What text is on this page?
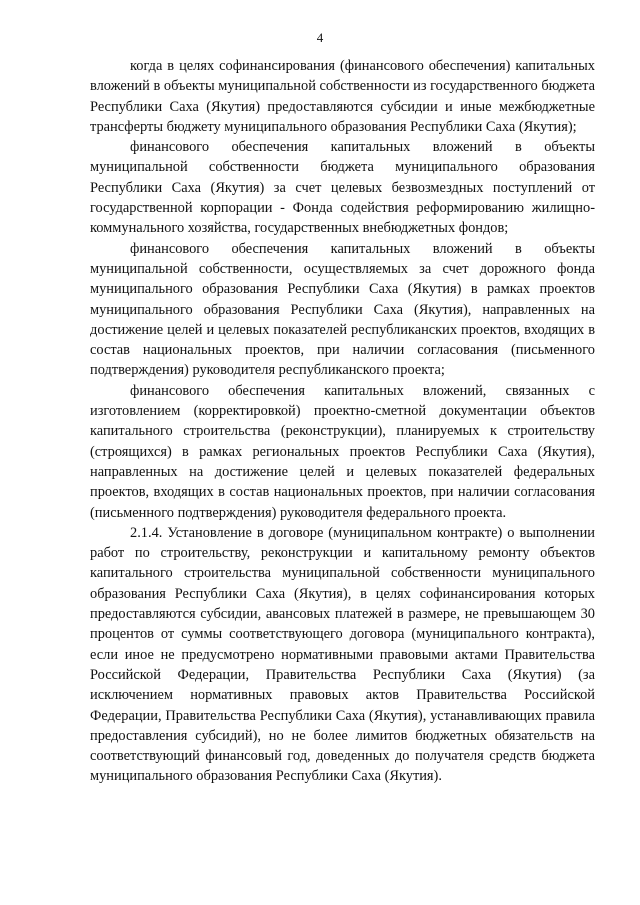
4

когда в целях софинансирования (финансового обеспечения) капитальных вложений в объекты муниципальной собственности из государственного бюджета Республики Саха (Якутия) предоставляются субсидии и иные межбюджетные трансферты бюджету муниципального образования Республики Саха (Якутия);

финансового обеспечения капитальных вложений в объекты муниципальной собственности бюджета муниципального образования Республики Саха (Якутия) за счет целевых безвозмездных поступлений от государственной корпорации - Фонда содействия реформированию жилищно-коммунального хозяйства, государственных внебюджетных фондов;

финансового обеспечения капитальных вложений в объекты муниципальной собственности, осуществляемых за счет дорожного фонда муниципального образования Республики Саха (Якутия) в рамках проектов муниципального образования Республики Саха (Якутия), направленных на достижение целей и целевых показателей республиканских проектов, входящих в состав национальных проектов, при наличии согласования (письменного подтверждения) руководителя республиканского проекта;

финансового обеспечения капитальных вложений, связанных с изготовлением (корректировкой) проектно-сметной документации объектов капитального строительства (реконструкции), планируемых к строительству (строящихся) в рамках региональных проектов Республики Саха (Якутия), направленных на достижение целей и целевых показателей федеральных проектов, входящих в состав национальных проектов, при наличии согласования (письменного подтверждения) руководителя федерального проекта.

2.1.4. Установление в договоре (муниципальном контракте) о выполнении работ по строительству, реконструкции и капитальному ремонту объектов капитального строительства муниципальной собственности муниципального образования Республики Саха (Якутия), в целях софинансирования которых предоставляются субсидии, авансовых платежей в размере, не превышающем 30 процентов от суммы соответствующего договора (муниципального контракта), если иное не предусмотрено нормативными правовыми актами Правительства Российской Федерации, Правительства Республики Саха (Якутия) (за исключением нормативных правовых актов Правительства Российской Федерации, Правительства Республики Саха (Якутия), устанавливающих правила предоставления субсидий), но не более лимитов бюджетных обязательств на соответствующий финансовый год, доведенных до получателя средств бюджета муниципального образования Республики Саха (Якутия).
